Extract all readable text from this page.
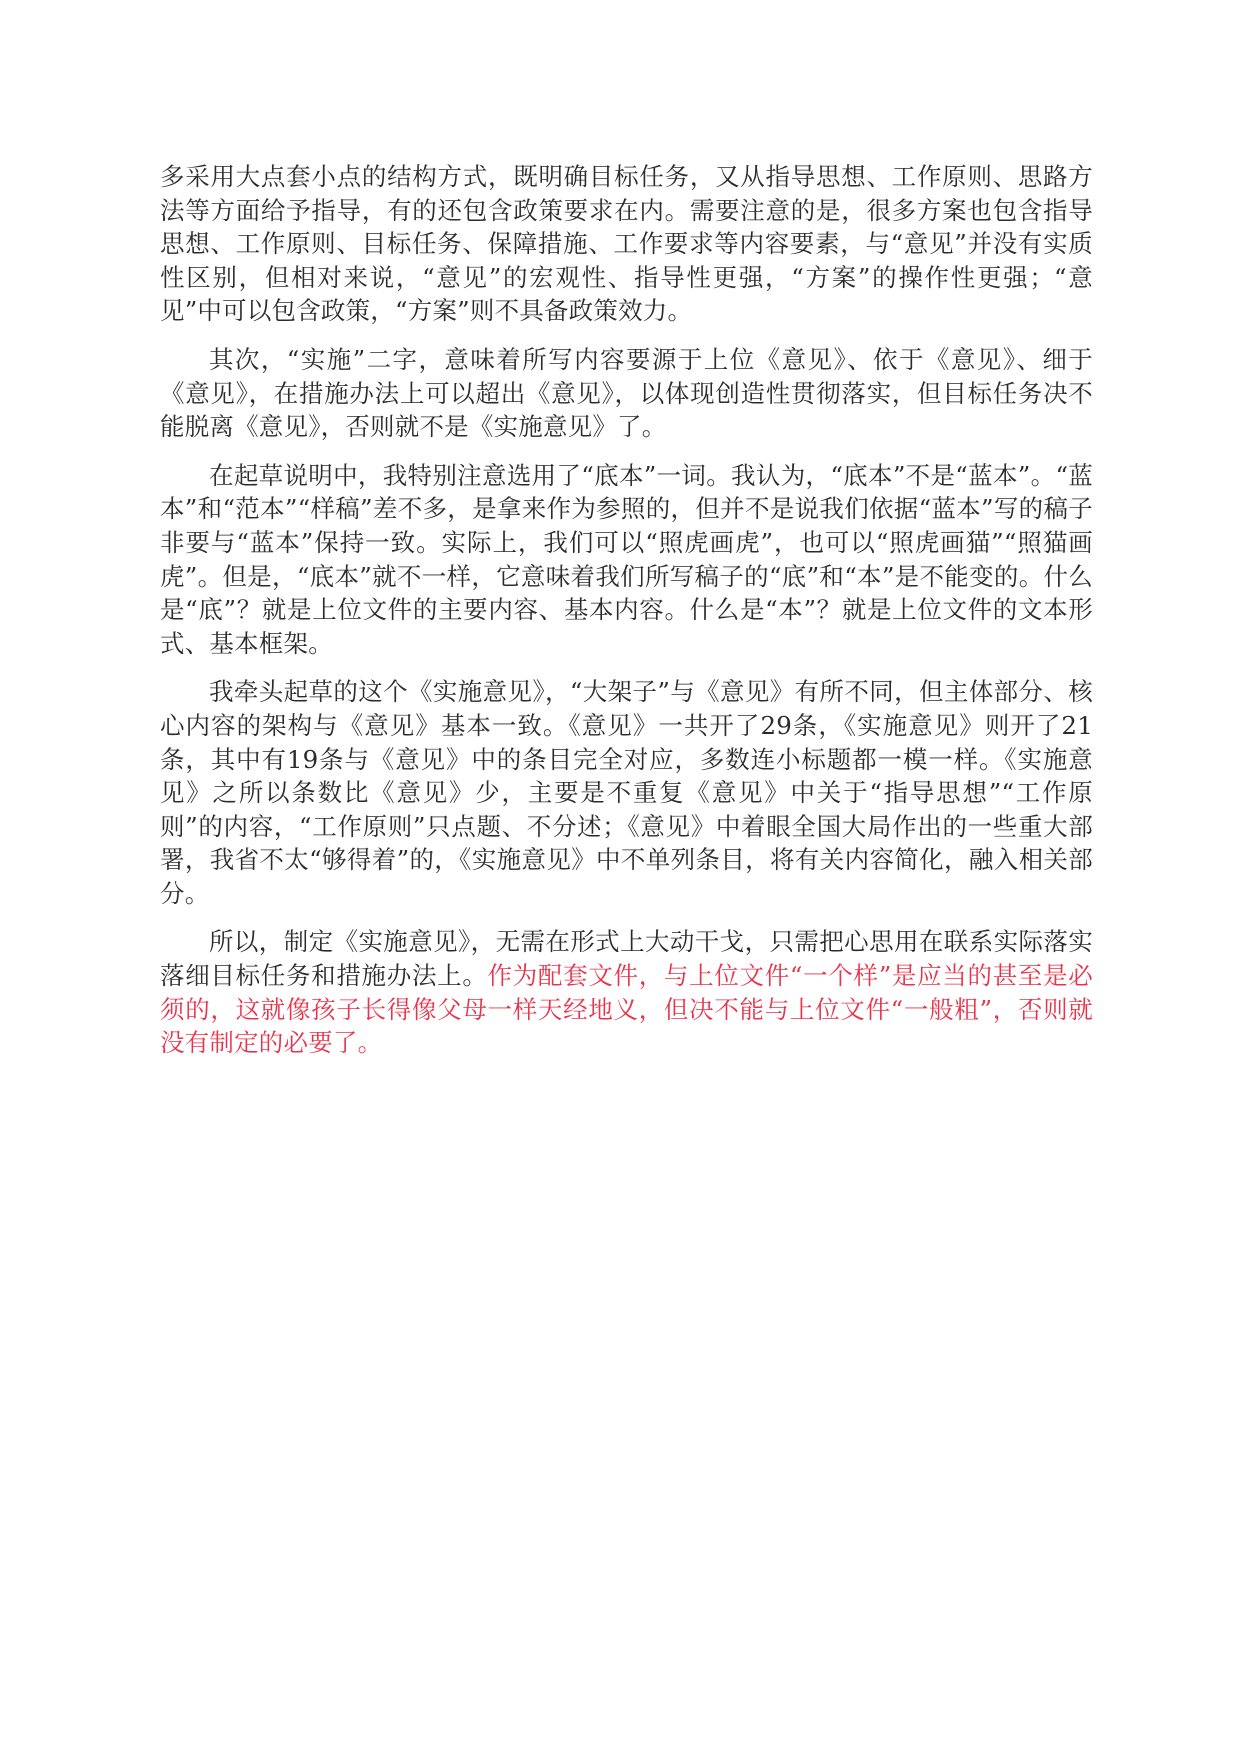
多采用大点套小点的结构方式，既明确目标任务，又从指导思想、工作原则、思路方法等方面给予指导，有的还包含政策要求在内。需要注意的是，很多方案也包含指导思想、工作原则、目标任务、保障措施、工作要求等内容要素，与“意见”并没有实质性区别，但相对来说，“意见”的宏观性、指导性更强，“方案”的操作性更强；“意见”中可以包含政策，“方案”则不具备政策效力。

其次，“实施”二字，意味着所写内容要源于上位《意见》、依于《意见》、细于《意见》，在措施办法上可以超出《意见》，以体现创造性贯彻落实，但目标任务决不能脱离《意见》，否则就不是《实施意见》了。

在起草说明中，我特别注意选用了“底本”一词。我认为，“底本”不是“蓝本”。“蓝本”和“范本”“样稿”差不多，是拿来作为参照的，但并不是说我们依据“蓝本”写的稿子非要与“蓝本”保持一致。实际上，我们可以“照虎画虎”，也可以“照虎画猫”“照猫画虎”。但是，“底本”就不一样，它意味着我们所写稿子的“底”和“本”是不能变的。什么是“底”？就是上位文件的主要内容、基本内容。什么是“本”？就是上位文件的文本形式、基本框架。

我牵头起草的这个《实施意见》，“大架子”与《意见》有所不同，但主体部分、核心内容的架构与《意见》基本一致。《意见》一共开了29条，《实施意见》则开了21条，其中有19条与《意见》中的条目完全对应，多数连小标题都一模一样。《实施意见》之所以条数比《意见》少，主要是不重复《意见》中关于“指导思想”“工作原则”的内容，“工作原则”只点题、不分述；《意见》中着眼全国大局作出的一些重大部署，我省不太“够得着”的，《实施意见》中不单列条目，将有关内容简化，融入相关部分。

所以，制定《实施意见》，无需在形式上大动干戈，只需把心思用在联系实际落实落细目标任务和措施办法上。作为配套文件，与上位文件“一个样”是应当的甚至是必须的，这就像孩子长得像父母一样天经地义，但决不能与上位文件“一般粗”，否则就没有制定的必要了。
